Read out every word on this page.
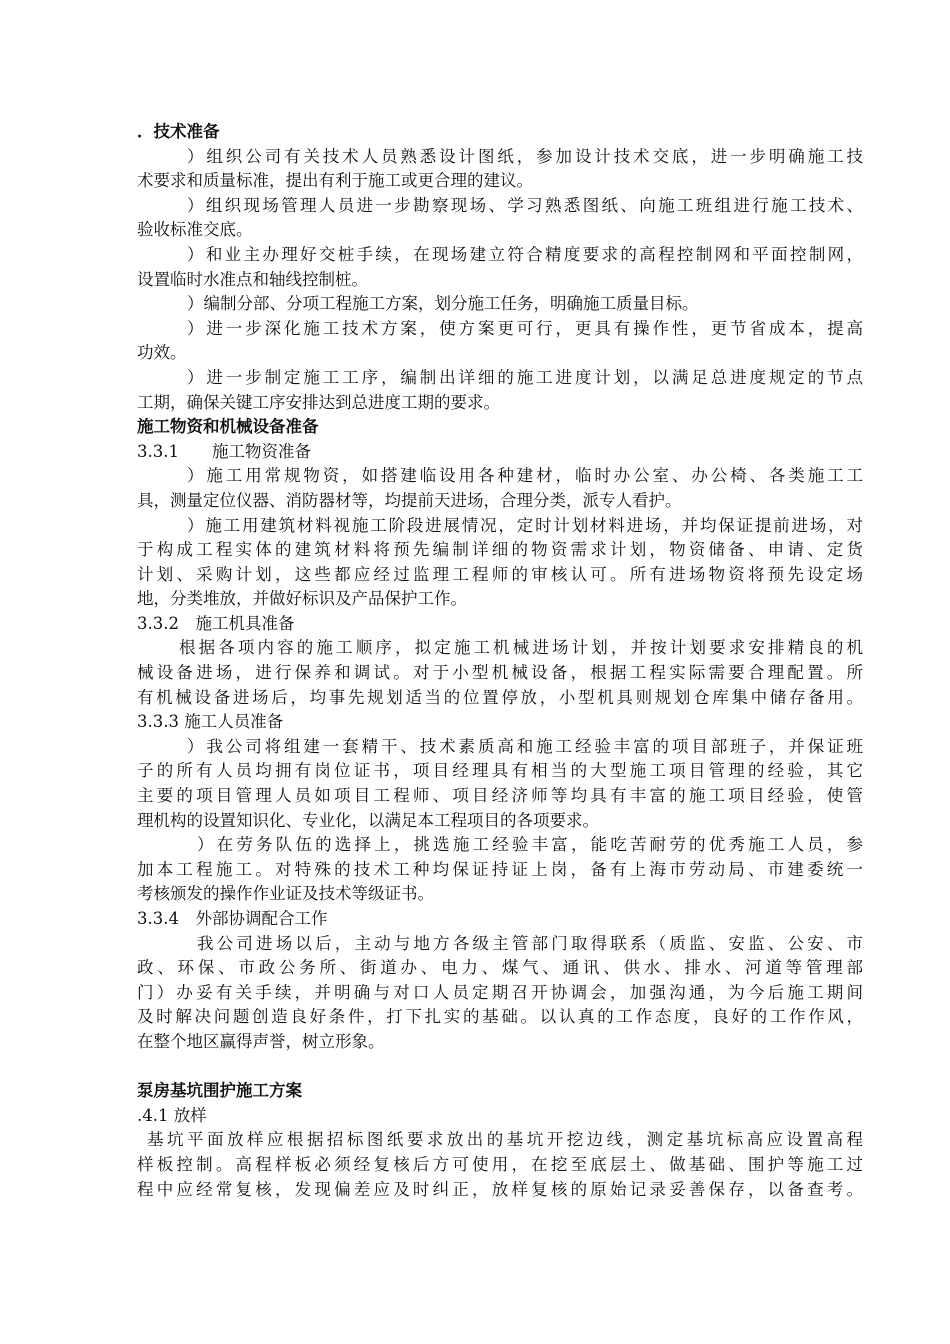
．技术准备
）组织公司有关技术人员熟悉设计图纸，参加设计技术交底，进一步明确施工技
术要求和质量标准，提出有利于施工或更合理的建议。
）组织现场管理人员进一步勘察现场、学习熟悉图纸、向施工班组进行施工技术、
验收标准交底。
）和业主办理好交桩手续，在现场建立符合精度要求的高程控制网和平面控制网，
设置临时水准点和轴线控制桩。
）编制分部、分项工程施工方案，划分施工任务，明确施工质量目标。
）进一步深化施工技术方案，使方案更可行，更具有操作性，更节省成本，提高
功效。
）进一步制定施工工序，编制出详细的施工进度计划，以满足总进度规定的节点
工期，确保关键工序安排达到总进度工期的要求。
施工物资和机械设备准备
3.3.1　　施工物资准备
）施工用常规物资，如搭建临设用各种建材，临时办公室、办公椅、各类施工工
具，测量定位仪器、消防器材等，均提前天进场，合理分类，派专人看护。
）施工用建筑材料视施工阶段进展情况，定时计划材料进场，并均保证提前进场，对
于构成工程实体的建筑材料将预先编制详细的物资需求计划，物资储备、申请、定货
计划、采购计划，这些都应经过监理工程师的审核认可。所有进场物资将预先设定场
地，分类堆放，并做好标识及产品保护工作。
3.3.2　施工机具准备
根据各项内容的施工顺序，拟定施工机械进场计划，并按计划要求安排精良的机
械设备进场，进行保养和调试。对于小型机械设备，根据工程实际需要合理配置。所
有机械设备进场后，均事先规划适当的位置停放，小型机具则规划仓库集中储存备用。
3.3.3 施工人员准备
）我公司将组建一套精干、技术素质高和施工经验丰富的项目部班子，并保证班
子的所有人员均拥有岗位证书，项目经理具有相当的大型施工项目管理的经验，其它
主要的项目管理人员如项目工程师、项目经济师等均具有丰富的施工项目经验，使管
理机构的设置知识化、专业化，以满足本工程项目的各项要求。
）在劳务队伍的选择上，挑选施工经验丰富，能吃苦耐劳的优秀施工人员，参
加本工程施工。对特殊的技术工种均保证持证上岗，备有上海市劳动局、市建委统一
考核颁发的操作作业证及技术等级证书。
3.3.4　外部协调配合工作
我公司进场以后，主动与地方各级主管部门取得联系（质监、安监、公安、市
政、环保、市政公务所、街道办、电力、煤气、通讯、供水、排水、河道等管理部
门）办妥有关手续，并明确与对口人员定期召开协调会，加强沟通，为今后施工期间
及时解决问题创造良好条件，打下扎实的基础。以认真的工作态度，良好的工作作风，
在整个地区赢得声誉，树立形象。
泵房基坑围护施工方案
.4.1 放样
基坑平面放样应根据招标图纸要求放出的基坑开挖边线，测定基坑标高应设置高程
样板控制。高程样板必须经复核后方可使用，在挖至底层土、做基础、围护等施工过
程中应经常复核，发现偏差应及时纠正，放样复核的原始记录妥善保存，以备查考。
